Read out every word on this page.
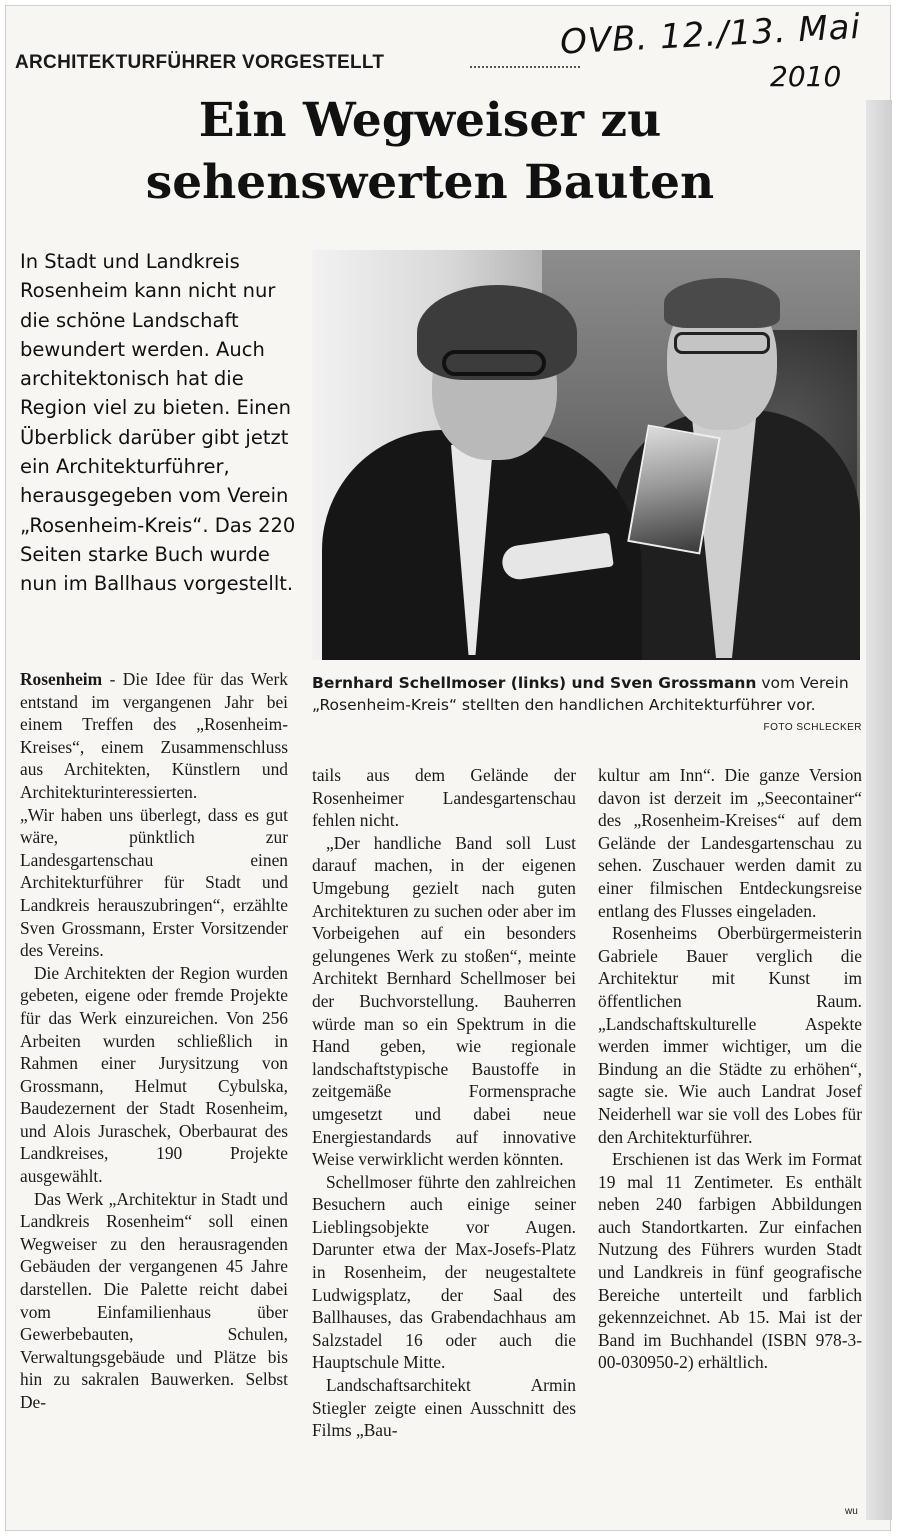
OVB. 12./13. Mai
2010
ARCHITEKTURFÜHRER VORGESTELLT
Ein Wegweiser zu
sehenswerten Bauten
In Stadt und Landkreis Rosenheim kann nicht nur die schöne Landschaft bewundert werden. Auch architektonisch hat die Region viel zu bieten. Einen Überblick darüber gibt jetzt ein Architekturführer, herausgegeben vom Verein „Rosenheim-Kreis“. Das 220 Seiten starke Buch wurde nun im Ballhaus vorgestellt.
Bernhard Schellmoser (links) und Sven Grossmann vom Verein „Rosenheim-Kreis“ stellten den handlichen Architekturführer vor.
FOTO SCHLECKER

Rosenheim - Die Idee für das Werk entstand im vergangenen Jahr bei einem Treffen des „Rosenheim-Kreises“, einem Zusammenschluss aus Architekten, Künstlern und Architekturinteressierten.

„Wir haben uns überlegt, dass es gut wäre, pünktlich zur Landesgartenschau einen Architekturführer für Stadt und Landkreis herauszubringen“, erzählte Sven Grossmann, Erster Vorsitzender des Vereins.

Die Architekten der Region wurden gebeten, eigene oder fremde Projekte für das Werk einzureichen. Von 256 Arbeiten wurden schließlich in Rahmen einer Jurysitzung von Grossmann, Helmut Cybulska, Baudezernent der Stadt Rosenheim, und Alois Juraschek, Oberbaurat des Landkreises, 190 Projekte ausgewählt.

Das Werk „Architektur in Stadt und Landkreis Rosenheim“ soll einen Wegweiser zu den herausragenden Gebäuden der vergangenen 45 Jahre darstellen. Die Palette reicht dabei vom Einfamilienhaus über Gewerbebauten, Schulen, Verwaltungsgebäude und Plätze bis hin zu sakralen Bauwerken. Selbst De-

tails aus dem Gelände der Rosenheimer Landesgartenschau fehlen nicht.

„Der handliche Band soll Lust darauf machen, in der eigenen Umgebung gezielt nach guten Architekturen zu suchen oder aber im Vorbeigehen auf ein besonders gelungenes Werk zu stoßen“, meinte Architekt Bernhard Schellmoser bei der Buchvorstellung. Bauherren würde man so ein Spektrum in die Hand geben, wie regionale landschaftstypische Baustoffe in zeitgemäße Formensprache umgesetzt und dabei neue Energiestandards auf innovative Weise verwirklicht werden könnten.

Schellmoser führte den zahlreichen Besuchern auch einige seiner Lieblingsobjekte vor Augen. Darunter etwa der Max-Josefs-Platz in Rosenheim, der neugestaltete Ludwigsplatz, der Saal des Ballhauses, das Grabendachhaus am Salzstadel 16 oder auch die Hauptschule Mitte.

Landschaftsarchitekt Armin Stiegler zeigte einen Ausschnitt des Films „Bau-

kultur am Inn“. Die ganze Version davon ist derzeit im „Seecontainer“ des „Rosenheim-Kreises“ auf dem Gelände der Landesgartenschau zu sehen. Zuschauer werden damit zu einer filmischen Entdeckungsreise entlang des Flusses eingeladen.

Rosenheims Oberbürgermeisterin Gabriele Bauer verglich die Architektur mit Kunst im öffentlichen Raum. „Landschaftskulturelle Aspekte werden immer wichtiger, um die Bindung an die Städte zu erhöhen“, sagte sie. Wie auch Landrat Josef Neiderhell war sie voll des Lobes für den Architekturführer.

Erschienen ist das Werk im Format 19 mal 11 Zentimeter. Es enthält neben 240 farbigen Abbildungen auch Standortkarten. Zur einfachen Nutzung des Führers wurden Stadt und Landkreis in fünf geografische Bereiche unterteilt und farblich gekennzeichnet. Ab 15. Mai ist der Band im Buchhandel (ISBN 978-3-00-030950-2) erhältlich.

wu
